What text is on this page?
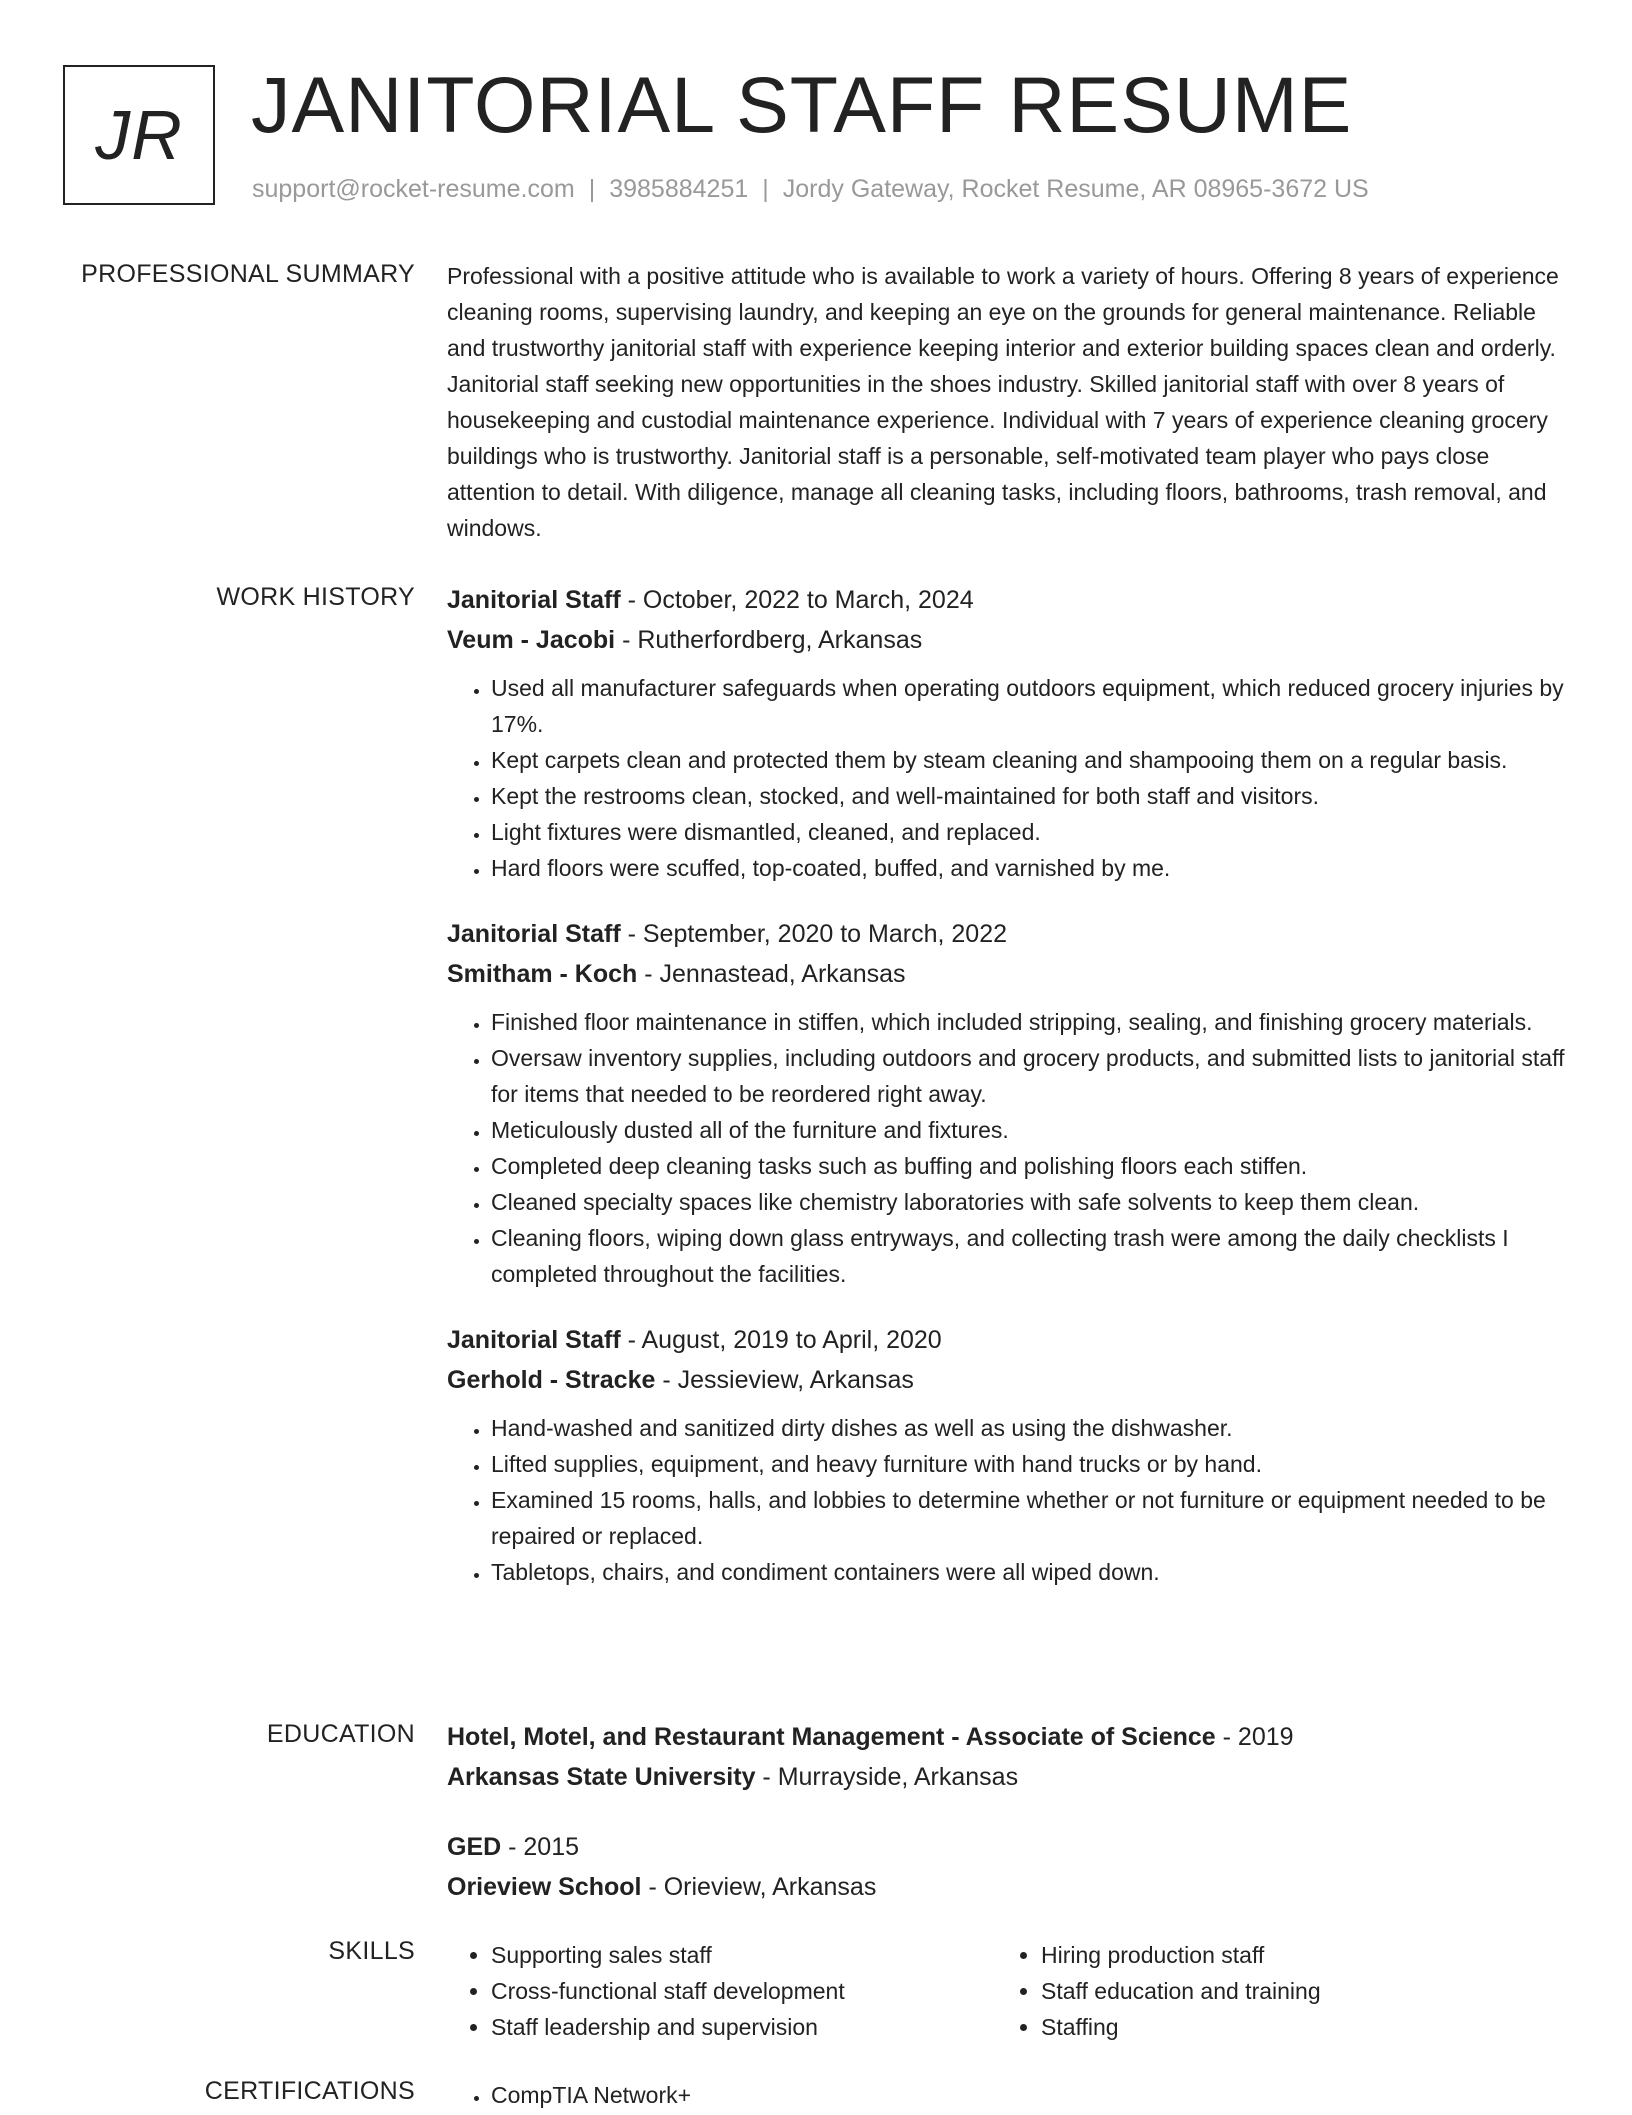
JR JANITORIAL STAFF RESUME
support@rocket-resume.com | 3985884251 | Jordy Gateway, Rocket Resume, AR 08965-3672 US
PROFESSIONAL SUMMARY Professional with a positive attitude who is available to work a variety of hours. Offering 8 years of experience cleaning rooms, supervising laundry, and keeping an eye on the grounds for general maintenance. Reliable and trustworthy janitorial staff with experience keeping interior and exterior building spaces clean and orderly. Janitorial staff seeking new opportunities in the shoes industry. Skilled janitorial staff with over 8 years of housekeeping and custodial maintenance experience. Individual with 7 years of experience cleaning grocery buildings who is trustworthy. Janitorial staff is a personable, self-motivated team player who pays close attention to detail. With diligence, manage all cleaning tasks, including floors, bathrooms, trash removal, and windows.

WORK HISTORY Janitorial Staff - October, 2022 to March, 2024
Veum - Jacobi - Rutherfordberg, Arkansas
• Used all manufacturer safeguards when operating outdoors equipment, which reduced grocery injuries by 17%.
• Kept carpets clean and protected them by steam cleaning and shampooing them on a regular basis.
• Kept the restrooms clean, stocked, and well-maintained for both staff and visitors.
• Light fixtures were dismantled, cleaned, and replaced.
• Hard floors were scuffed, top-coated, buffed, and varnished by me.
Janitorial Staff - September, 2020 to March, 2022
Smitham - Koch - Jennastead, Arkansas
• Finished floor maintenance in stiffen, which included stripping, sealing, and finishing grocery materials.
• Oversaw inventory supplies, including outdoors and grocery products, and submitted lists to janitorial staff for items that needed to be reordered right away.
• Meticulously dusted all of the furniture and fixtures.
• Completed deep cleaning tasks such as buffing and polishing floors each stiffen.
• Cleaned specialty spaces like chemistry laboratories with safe solvents to keep them clean.
• Cleaning floors, wiping down glass entryways, and collecting trash were among the daily checklists I completed throughout the facilities.
Janitorial Staff - August, 2019 to April, 2020
Gerhold - Stracke - Jessieview, Arkansas
• Hand-washed and sanitized dirty dishes as well as using the dishwasher.
• Lifted supplies, equipment, and heavy furniture with hand trucks or by hand.
• Examined 15 rooms, halls, and lobbies to determine whether or not furniture or equipment needed to be repaired or replaced.
• Tabletops, chairs, and condiment containers were all wiped down.
EDUCATION Hotel, Motel, and Restaurant Management - Associate of Science - 2019
Arkansas State University - Murrayside, Arkansas
GED - 2015
Orieview School - Orieview, Arkansas
SKILLS	• Supporting sales staff
• Cross-functional staff development
• Staff leadership and supervision
• Hiring production staff
• Staff education and training
• Staffing
CERTIFICATIONS	• CompTIA Network+
